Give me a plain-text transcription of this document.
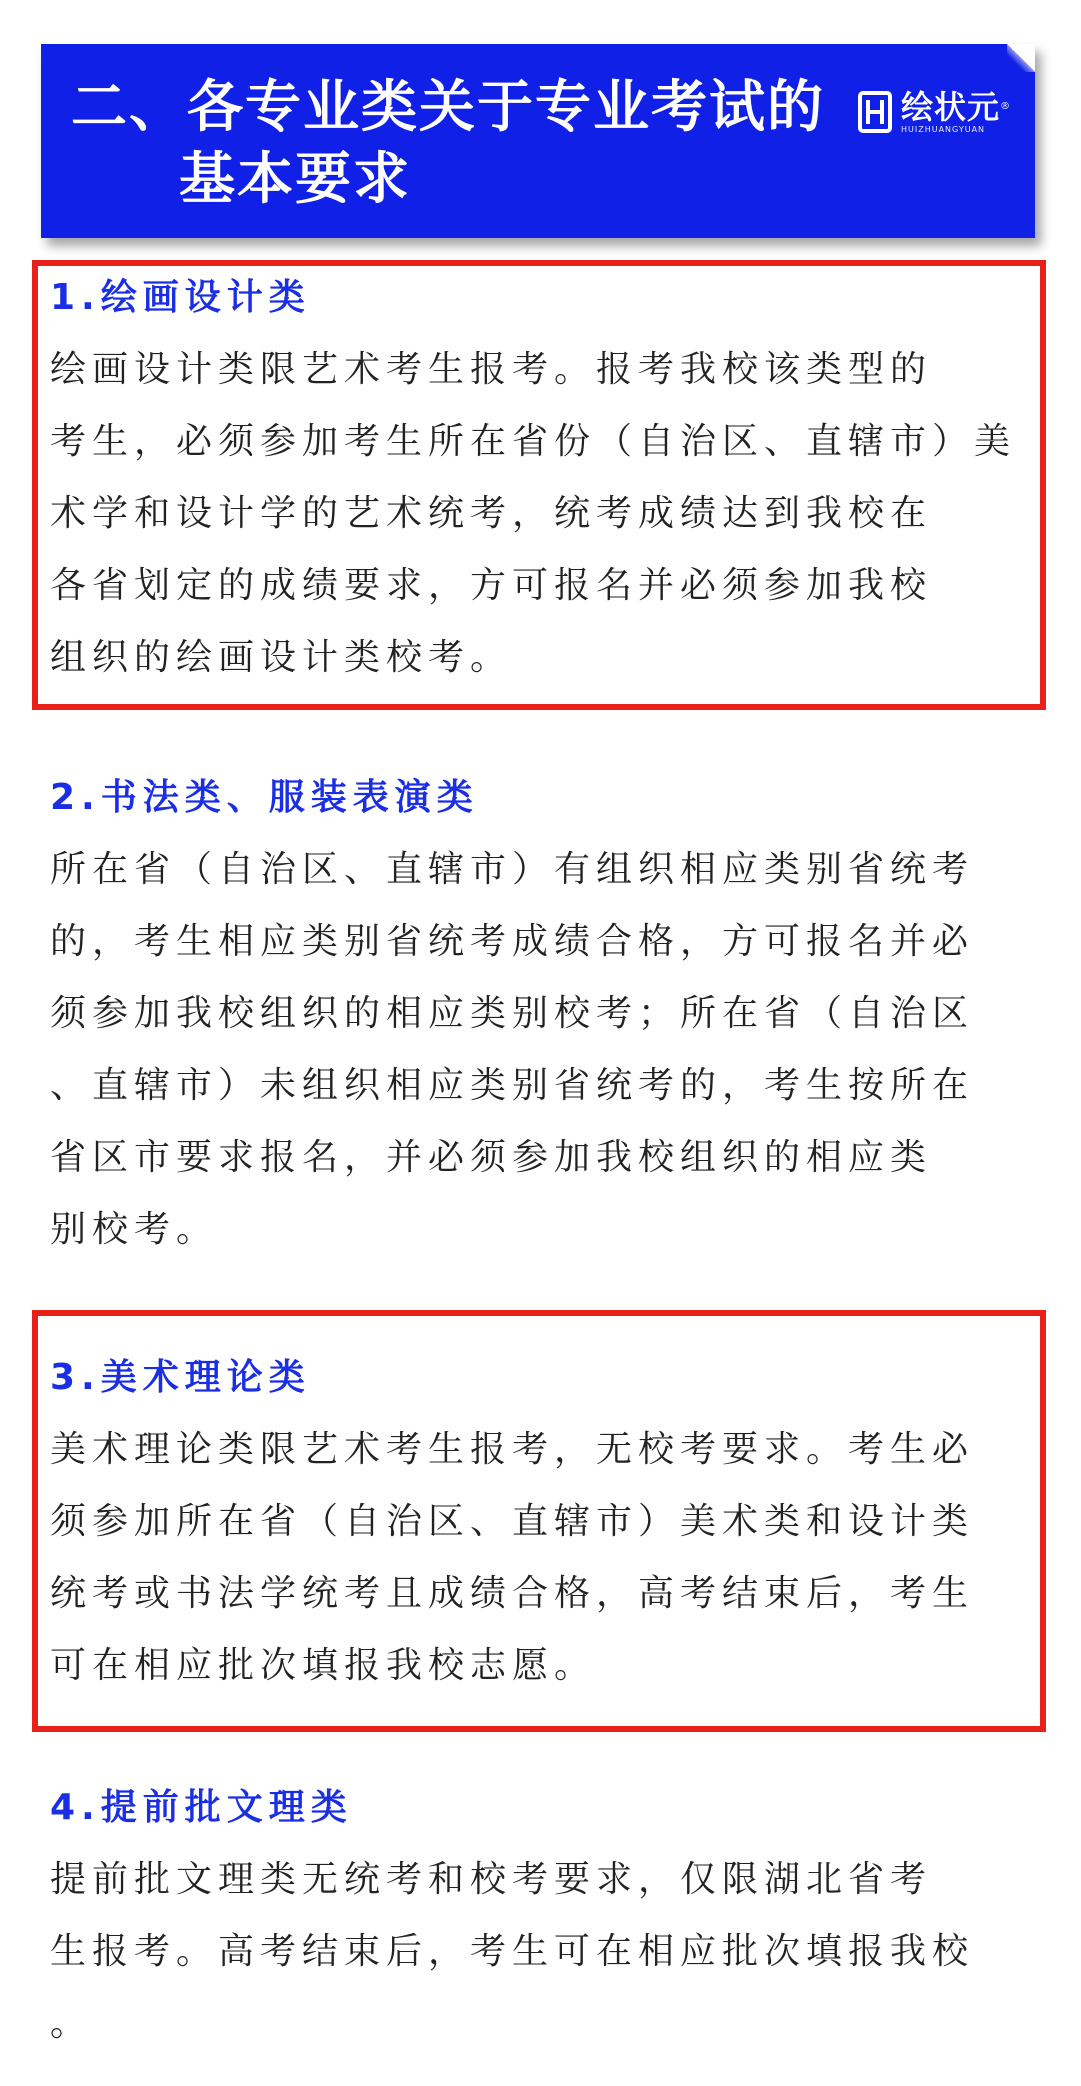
二、各专业类关于专业考试的
基本要求
绘状元®
HUIZHUANGYUAN
1.绘画设计类

绘画设计类限艺术考生报考。报考我校该类型的
考生，必须参加考生所在省份（自治区、直辖市）美
术学和设计学的艺术统考，统考成绩达到我校在
各省划定的成绩要求，方可报名并必须参加我校
组织的绘画设计类校考。

2.书法类、服装表演类

所在省（自治区、直辖市）有组织相应类别省统考
的，考生相应类别省统考成绩合格，方可报名并必
须参加我校组织的相应类别校考；所在省（自治区
、直辖市）未组织相应类别省统考的，考生按所在
省区市要求报名，并必须参加我校组织的相应类
别校考。

3.美术理论类

美术理论类限艺术考生报考，无校考要求。考生必
须参加所在省（自治区、直辖市）美术类和设计类
统考或书法学统考且成绩合格，高考结束后，考生
可在相应批次填报我校志愿。

4.提前批文理类

提前批文理类无统考和校考要求，仅限湖北省考
生报考。高考结束后，考生可在相应批次填报我校
。
